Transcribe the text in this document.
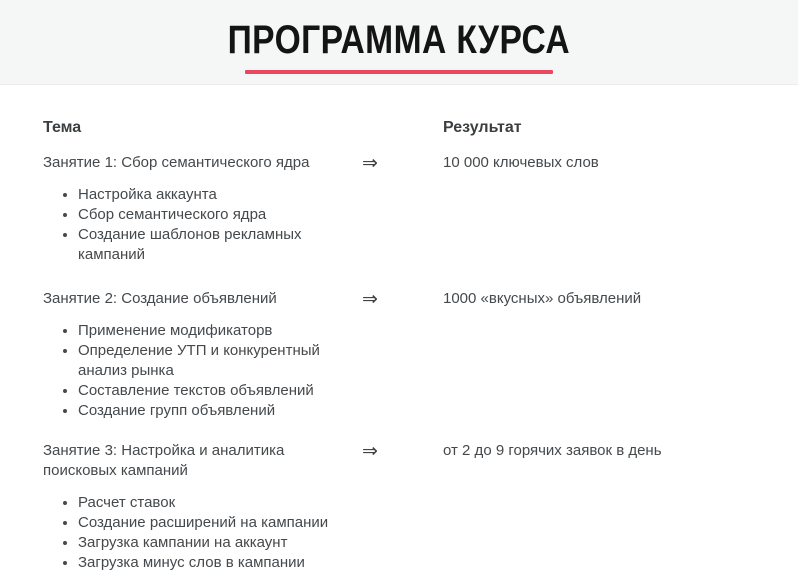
ПРОГРАММА КУРСА
Тема	Результат
Занятие 1: Сбор семантического ядра
• Настройка аккаунта
• Сбор семантического ядра
• Создание шаблонов рекламных кампаний
⇒	10 000 ключевых слов
Занятие 2: Создание объявлений
• Применение модификаторв
• Определение УТП и конкурентный анализ рынка
• Составление текстов объявлений
• Создание групп объявлений
⇒	1000 «вкусных» объявлений
Занятие 3: Настройка и аналитика поисковых кампаний
• Расчет ставок
• Создание расширений на кампании
• Загрузка кампании на аккаунт
• Загрузка минус слов в кампании
⇒	от 2 до 9 горячих заявок в день
